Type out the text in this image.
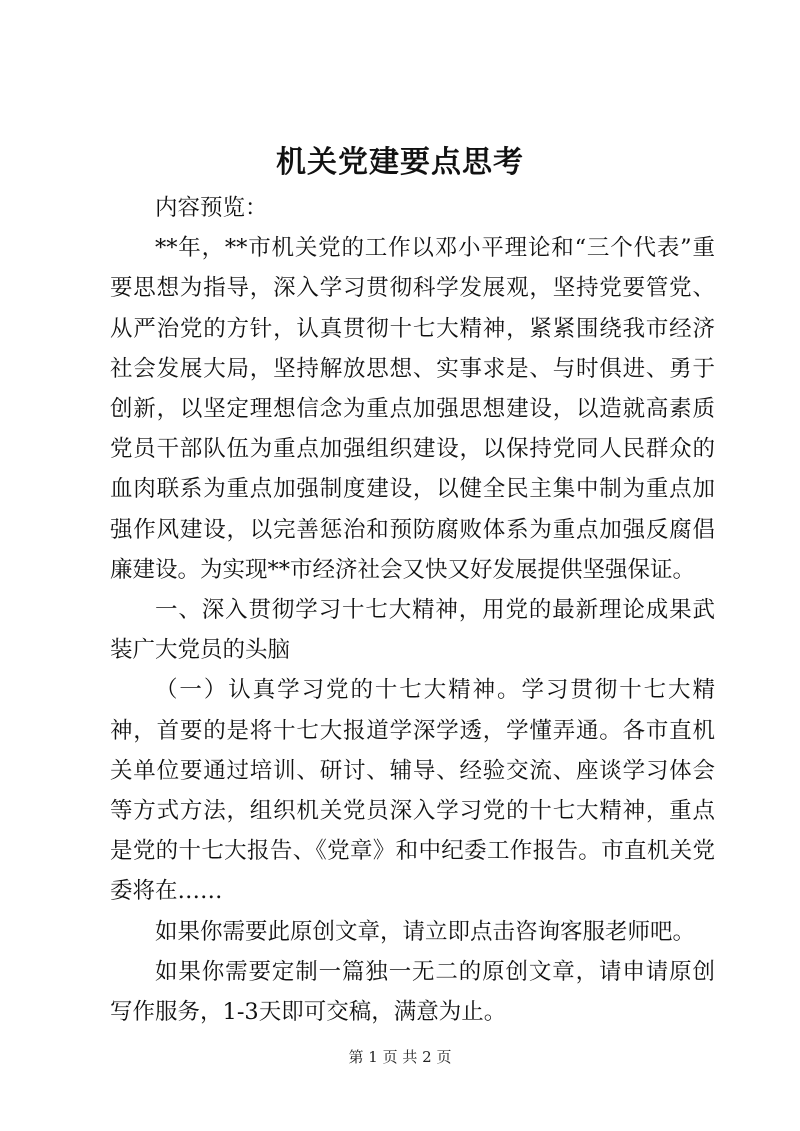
机关党建要点思考

内容预览：

**年，**市机关党的工作以邓小平理论和“三个代表”重要思想为指导，深入学习贯彻科学发展观，坚持党要管党、从严治党的方针，认真贯彻十七大精神，紧紧围绕我市经济社会发展大局，坚持解放思想、实事求是、与时俱进、勇于创新，以坚定理想信念为重点加强思想建设，以造就高素质党员干部队伍为重点加强组织建设，以保持党同人民群众的血肉联系为重点加强制度建设，以健全民主集中制为重点加强作风建设，以完善惩治和预防腐败体系为重点加强反腐倡廉建设。为实现**市经济社会又快又好发展提供坚强保证。

一、深入贯彻学习十七大精神，用党的最新理论成果武装广大党员的头脑

（一）认真学习党的十七大精神。学习贯彻十七大精神，首要的是将十七大报道学深学透，学懂弄通。各市直机关单位要通过培训、研讨、辅导、经验交流、座谈学习体会等方式方法，组织机关党员深入学习党的十七大精神，重点是党的十七大报告、《党章》和中纪委工作报告。市直机关党委将在……

如果你需要此原创文章，请立即点击咨询客服老师吧。

如果你需要定制一篇独一无二的原创文章，请申请原创写作服务，1-3天即可交稿，满意为止。

第 1 页 共 2 页
